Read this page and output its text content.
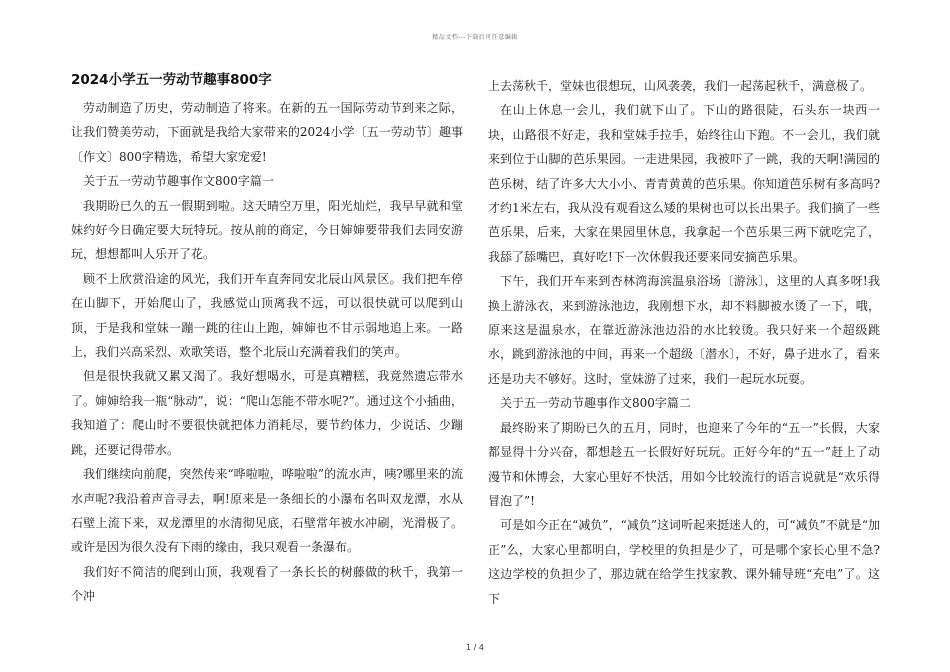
精品文档---下载后可任意编辑
2024小学五一劳动节趣事800字

劳动制造了历史，劳动制造了将来。在新的五一国际劳动节到来之际，让我们赞美劳动，下面就是我给大家带来的2024小学〔五一劳动节〕趣事〔作文〕800字精选，希望大家宠爱!

关于五一劳动节趣事作文800字篇一

我期盼已久的五一假期到啦。这天晴空万里，阳光灿烂，我早早就和堂妹约好今日确定要大玩特玩。按从前的商定，今日婶婶要带我们去同安游玩，想想都叫人乐开了花。

顾不上欣赏沿途的风光，我们开车直奔同安北辰山风景区。我们把车停在山脚下，开始爬山了，我感觉山顶离我不远，可以很快就可以爬到山顶，于是我和堂妹一蹦一跳的往山上跑，婶婶也不甘示弱地追上来。一路上，我们兴高采烈、欢歌笑语，整个北辰山充满着我们的笑声。

但是很快我就又累又渴了。我好想喝水，可是真糟糕，我竟然遗忘带水了。婶婶给我一瓶“脉动”，说：“爬山怎能不带水呢?”。通过这个小插曲，我知道了：爬山时不要很快就把体力消耗尽，要节约体力，少说话、少蹦跳，还要记得带水。

我们继续向前爬，突然传来“哗啦啦，哗啦啦”的流水声，咦?哪里来的流水声呢?我沿着声音寻去，啊!原来是一条细长的小瀑布名叫双龙潭，水从石壁上流下来，双龙潭里的水清彻见底，石壁常年被水冲刷，光滑极了。或许是因为很久没有下雨的缘由，我只观看一条瀑布。

我们好不简洁的爬到山顶，我观看了一条长长的树藤做的秋千，我第一个冲

上去荡秋千，堂妹也很想玩，山风袭袭，我们一起荡起秋千，满意极了。

在山上休息一会儿，我们就下山了。下山的路很陡，石头东一块西一块，山路很不好走，我和堂妹手拉手，始终往山下跑。不一会儿，我们就来到位于山脚的芭乐果园。一走进果园，我被吓了一跳，我的天啊!满园的芭乐树，结了许多大大小小、青青黄黄的芭乐果。你知道芭乐树有多高吗?才约1米左右，我从没有观看这么矮的果树也可以长出果子。我们摘了一些芭乐果，后来，大家在果园里休息，我拿起一个芭乐果三两下就吃完了，我舔了舔嘴巴，真好吃!下一次休假我还要来同安摘芭乐果。

下午，我们开车来到杏林湾海滨温泉浴场〔游泳〕，这里的人真多呀!我换上游泳衣，来到游泳池边，我刚想下水，却不料脚被水烫了一下，哦，原来这是温泉水，在靠近游泳池边沿的水比较烫。我只好来一个超级跳水，跳到游泳池的中间，再来一个超级〔潜水〕，不好，鼻子进水了，看来还是功夫不够好。这时，堂妹游了过来，我们一起玩水玩耍。

关于五一劳动节趣事作文800字篇二

最终盼来了期盼已久的五月，同时，也迎来了今年的“五一”长假，大家都显得十分兴奋，都想趁五一长假好好玩玩。正好今年的“五一”赶上了动漫节和休博会，大家心里好不快活，用如今比较流行的语言说就是“欢乐得冒泡了”!

可是如今正在“减负”，“减负”这词听起来挺迷人的，可“减负”不就是“加正”么，大家心里都明白，学校里的负担是少了，可是哪个家长心里不急?这边学校的负担少了，那边就在给学生找家教、课外辅导班“充电”了。这下

1 / 4
